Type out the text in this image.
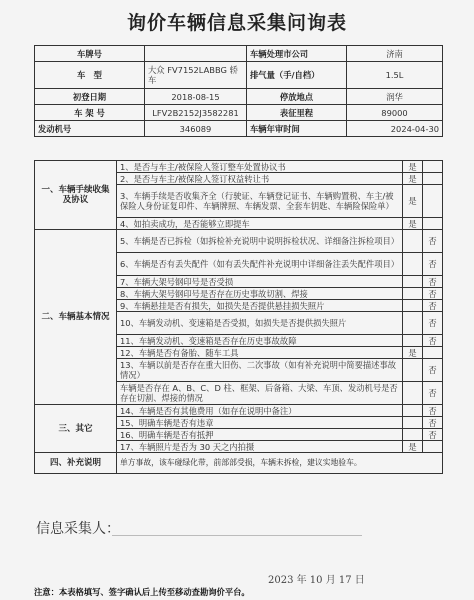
询价车辆信息采集问询表
车牌号		车辆处理市公司	济南
车　型	大众 FV7152LABBG 轿车	排气量（手/自档）	1.5L
初登日期	2018-08-15	停放地点	润华
车 架 号	LFV2B2152J3582281	表征里程	89000
发动机号	346089	车辆年审时间	2024-04-30
一、车辆手续收集及协议	1、是否与车主/被保险人签订整车处置协议书	是	
	2、是否与车主/被保险人签订权益转让书	是	
	3、车辆手续是否收集齐全（行驶证、车辆登记证书、车辆购置税、车主/被保险人身份证复印件、车辆牌照、车辆发票、全套车钥匙、车辆险保险单）	是	
	4、如拍卖成功，是否能够立即提车	是	
二、车辆基本情况	5、车辆是否已拆检（如拆检补充说明中说明拆检状况、详细备注拆检项目）		否
	6、车辆是否有丢失配件（如有丢失配件补充说明中详细备注丢失配件项目）		否
	7、车辆大架号钢印号是否受损		否
	8、车辆大架号钢印号是否存在历史事故切割、焊接		否
	9、车辆悬挂是否有损失，如损失是否提供悬挂损失照片		否
	10、车辆发动机、变速箱是否受损，如损失是否提供损失照片		否
	11、车辆发动机、变速箱是否存在历史事故故障		否
	12、车辆是否有备胎、随车工具	是	
	13、车辆以前是否存在重大旧伤、二次事故（如有补充说明中简要描述事故情况）		否
	车辆是否存在 A、B、C、D 柱、框架、后备箱、大梁、车顶、发动机号是否存在切割、焊接的情况		否
三、其它	14、车辆是否有其他费用（如存在说明中备注）		否
	15、明确车辆是否有违章		否
	16、明确车辆是否有抵押		否
	17、车辆照片是否为 30 天之内拍摄	是	
四、补充说明	单方事故，该车碰绿化带，前部部受损，车辆未拆检，建议实地验车。		
信息采集人：
2023 年 10 月 17 日
注意：本表格填写、签字确认后上传至移动查勘询价平台。
